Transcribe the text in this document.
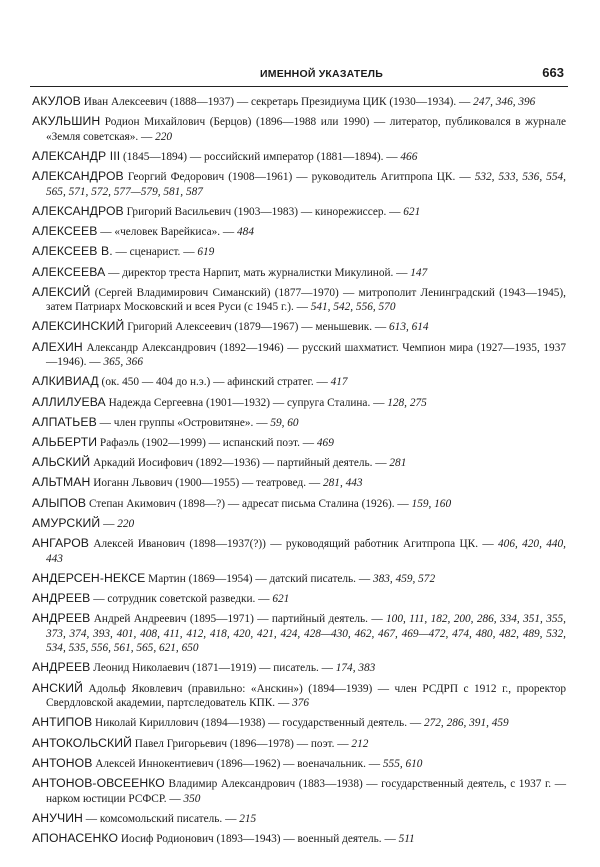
ИМЕННОЙ УКАЗАТЕЛЬ	663
АКУЛОВ Иван Алексеевич (1888—1937) — секретарь Президиума ЦИК (1930—1934). — 247, 346, 396
АКУЛЬШИН Родион Михайлович (Берцов) (1896—1988 или 1990) — литератор, публиковался в журнале «Земля советская». — 220
АЛЕКСАНДР III (1845—1894) — российский император (1881—1894). — 466
АЛЕКСАНДРОВ Георгий Федорович (1908—1961) — руководитель Агитпропа ЦК. — 532, 533, 536, 554, 565, 571, 572, 577—579, 581, 587
АЛЕКСАНДРОВ Григорий Васильевич (1903—1983) — кинорежиссер. — 621
АЛЕКСЕЕВ — «человек Варейкиса». — 484
АЛЕКСЕЕВ В. — сценарист. — 619
АЛЕКСЕЕВА — директор треста Нарпит, мать журналистки Микулиной. — 147
АЛЕКСИЙ (Сергей Владимирович Симанский) (1877—1970) — митрополит Ленинградский (1943—1945), затем Патриарх Московский и всея Руси (с 1945 г.). — 541, 542, 556, 570
АЛЕКСИНСКИЙ Григорий Алексеевич (1879—1967) — меньшевик. — 613, 614
АЛЕХИН Александр Александрович (1892—1946) — русский шахматист. Чемпион мира (1927—1935, 1937—1946). — 365, 366
АЛКИВИАД (ок. 450 — 404 до н.э.) — афинский стратег. — 417
АЛЛИЛУЕВА Надежда Сергеевна (1901—1932) — супруга Сталина. — 128, 275
АЛПАТЬЕВ — член группы «Островитяне». — 59, 60
АЛЬБЕРТИ Рафаэль (1902—1999) — испанский поэт. — 469
АЛЬСКИЙ Аркадий Иосифович (1892—1936) — партийный деятель. — 281
АЛЬТМАН Иоганн Львович (1900—1955) — театровед. — 281, 443
АЛЫПОВ Степан Акимович (1898—?) — адресат письма Сталина (1926). — 159, 160
АМУРСКИЙ — 220
АНГАРОВ Алексей Иванович (1898—1937(?)) — руководящий работник Агитпропа ЦК. — 406, 420, 440, 443
АНДЕРСЕН-НЕКСЕ Мартин (1869—1954) — датский писатель. — 383, 459, 572
АНДРЕЕВ — сотрудник советской разведки. — 621
АНДРЕЕВ Андрей Андреевич (1895—1971) — партийный деятель. — 100, 111, 182, 200, 286, 334, 351, 355, 373, 374, 393, 401, 408, 411, 412, 418, 420, 421, 424, 428—430, 462, 467, 469—472, 474, 480, 482, 489, 532, 534, 535, 556, 561, 565, 621, 650
АНДРЕЕВ Леонид Николаевич (1871—1919) — писатель. — 174, 383
АНСКИЙ Адольф Яковлевич (правильно: «Анскин») (1894—1939) — член РСДРП с 1912 г., проректор Свердловской академии, партследователь КПК. — 376
АНТИПОВ Николай Кириллович (1894—1938) — государственный деятель. — 272, 286, 391, 459
АНТОКОЛЬСКИЙ Павел Григорьевич (1896—1978) — поэт. — 212
АНТОНОВ Алексей Иннокентиевич (1896—1962) — военачальник. — 555, 610
АНТОНОВ-ОВСЕЕНКО Владимир Александрович (1883—1938) — государственный деятель, с 1937 г. — нарком юстиции РСФСР. — 350
АНУЧИН — комсомольский писатель. — 215
АПОНАСЕНКО Иосиф Родионович (1893—1943) — военный деятель. — 511
